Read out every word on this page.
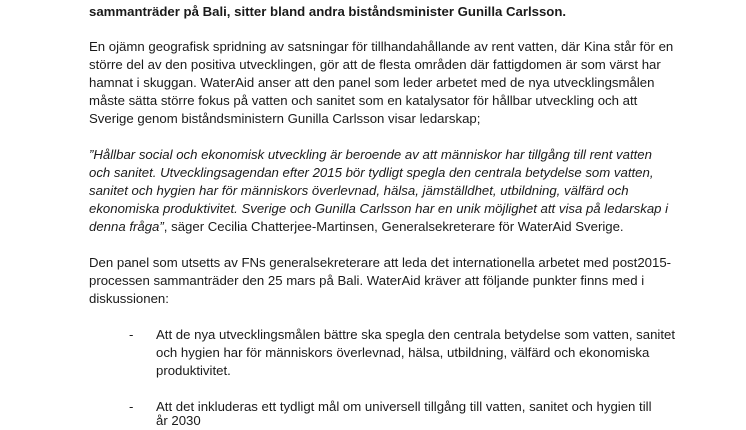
sammanträder på Bali, sitter bland andra biståndsminister Gunilla Carlsson.

En ojämn geografisk spridning av satsningar för tillhandahållande av rent vatten, där Kina står för en

större del av den positiva utvecklingen, gör att de flesta områden där fattigdomen är som värst har

hamnat i skuggan. WaterAid anser att den panel som leder arbetet med de nya utvecklingsmålen

måste sätta större fokus på vatten och sanitet som en katalysator för hållbar utveckling och att

Sverige genom biståndsministern Gunilla Carlsson visar ledarskap;

”Hållbar social och ekonomisk utveckling är beroende av att människor har tillgång till rent vatten

och sanitet. Utvecklingsagendan efter 2015 bör tydligt spegla den centrala betydelse som vatten,

sanitet och hygien har för människors överlevnad, hälsa, jämställdhet, utbildning, välfärd och

ekonomiska produktivitet. Sverige och Gunilla Carlsson har en unik möjlighet att visa på ledarskap i

denna fråga”, säger Cecilia Chatterjee-Martinsen, Generalsekreterare för WaterAid Sverige.

Den panel som utsetts av FNs generalsekreterare att leda det internationella arbetet med post2015-

processen sammanträder den 25 mars på Bali. WaterAid kräver att följande punkter finns med i

diskussionen:

- Att de nya utvecklingsmålen bättre ska spegla den centrala betydelse som vatten, sanitet

och hygien har för människors överlevnad, hälsa, utbildning, välfärd och ekonomiska

produktivitet.

- Att det inkluderas ett tydligt mål om universell tillgång till vatten, sanitet och hygien till

år 2030
